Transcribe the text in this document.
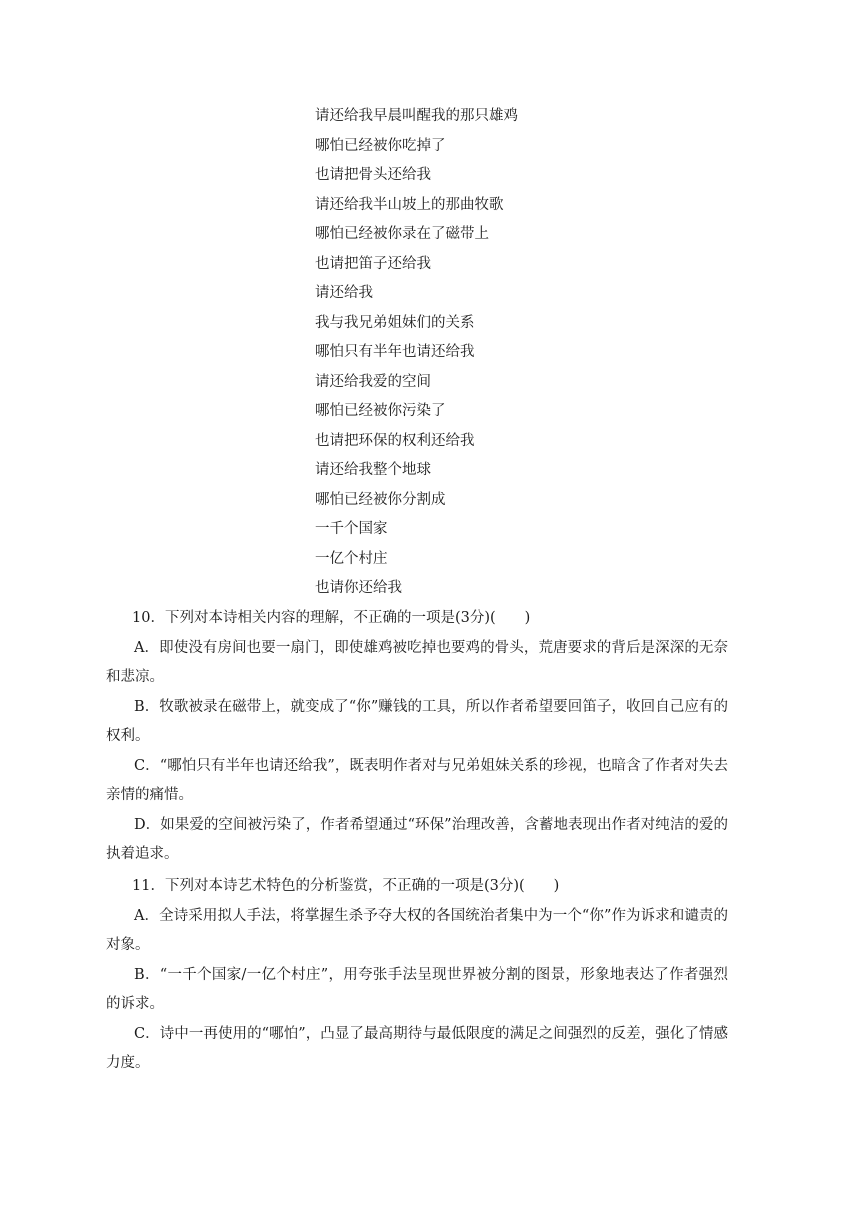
请还给我早晨叫醒我的那只雄鸡
哪怕已经被你吃掉了
也请把骨头还给我
请还给我半山坡上的那曲牧歌
哪怕已经被你录在了磁带上
也请把笛子还给我
请还给我
我与我兄弟姐妹们的关系
哪怕只有半年也请还给我
请还给我爱的空间
哪怕已经被你污染了
也请把环保的权利还给我
请还给我整个地球
哪怕已经被你分割成
一千个国家
一亿个村庄
也请你还给我

10．下列对本诗相关内容的理解，不正确的一项是(3分)(　　)

A．即使没有房间也要一扇门，即使雄鸡被吃掉也要鸡的骨头，荒唐要求的背后是深深的无奈和悲凉。

B．牧歌被录在磁带上，就变成了“你”赚钱的工具，所以作者希望要回笛子，收回自己应有的权利。

C．“哪怕只有半年也请还给我”，既表明作者对与兄弟姐妹关系的珍视，也暗含了作者对失去亲情的痛惜。

D．如果爱的空间被污染了，作者希望通过“环保”治理改善，含蓄地表现出作者对纯洁的爱的执着追求。

11．下列对本诗艺术特色的分析鉴赏，不正确的一项是(3分)(　　)

A．全诗采用拟人手法，将掌握生杀予夺大权的各国统治者集中为一个“你”作为诉求和谴责的对象。

B．“一千个国家/一亿个村庄”，用夸张手法呈现世界被分割的图景，形象地表达了作者强烈的诉求。

C．诗中一再使用的“哪怕”，凸显了最高期待与最低限度的满足之间强烈的反差，强化了情感力度。
